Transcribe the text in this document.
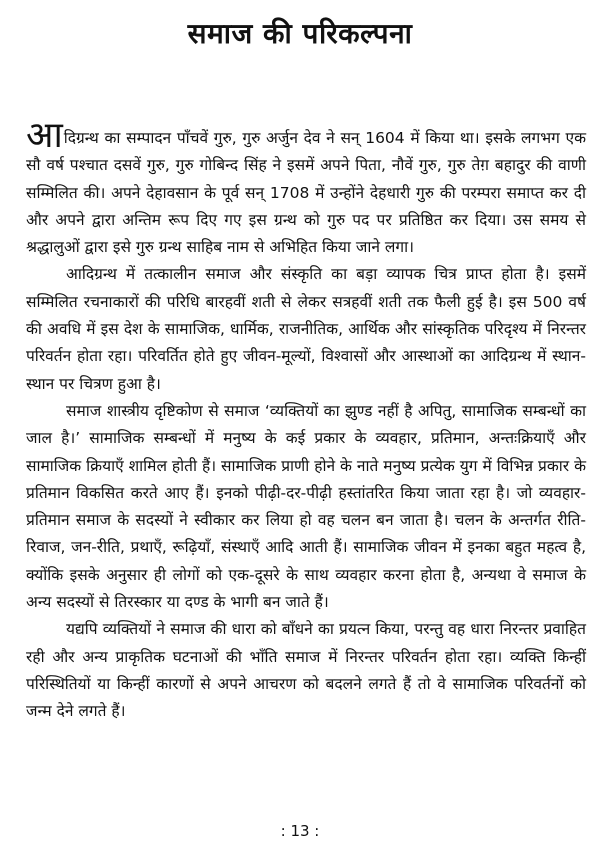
समाज की परिकल्पना

आदिग्रन्थ का सम्पादन पाँचवें गुरु, गुरु अर्जुन देव ने सन् 1604 में किया था। इसके लगभग एक सौ वर्ष पश्चात दसवें गुरु, गुरु गोबिन्द सिंह ने इसमें अपने पिता, नौवें गुरु, गुरु तेग़ बहादुर की वाणी सम्मिलित की। अपने देहावसान के पूर्व सन् 1708 में उन्होंने देहधारी गुरु की परम्परा समाप्त कर दी और अपने द्वारा अन्तिम रूप दिए गए इस ग्रन्थ को गुरु पद पर प्रतिष्ठित कर दिया। उस समय से श्रद्धालुओं द्वारा इसे गुरु ग्रन्थ साहिब नाम से अभिहित किया जाने लगा।

आदिग्रन्थ में तत्कालीन समाज और संस्कृति का बड़ा व्यापक चित्र प्राप्त होता है। इसमें सम्मिलित रचनाकारों की परिधि बारहवीं शती से लेकर सत्रहवीं शती तक फैली हुई है। इस 500 वर्ष की अवधि में इस देश के सामाजिक, धार्मिक, राजनीतिक, आर्थिक और सांस्कृतिक परिदृश्य में निरन्तर परिवर्तन होता रहा। परिवर्तित होते हुए जीवन-मूल्यों, विश्वासों और आस्थाओं का आदिग्रन्थ में स्थान-स्थान पर चित्रण हुआ है।

समाज शास्त्रीय दृष्टिकोण से समाज ‘व्यक्तियों का झुण्ड नहीं है अपितु, सामाजिक सम्बन्धों का जाल है।’ सामाजिक सम्बन्धों में मनुष्य के कई प्रकार के व्यवहार, प्रतिमान, अन्तःक्रियाएँ और सामाजिक क्रियाएँ शामिल होती हैं। सामाजिक प्राणी होने के नाते मनुष्य प्रत्येक युग में विभिन्न प्रकार के प्रतिमान विकसित करते आए हैं। इनको पीढ़ी-दर-पीढ़ी हस्तांतरित किया जाता रहा है। जो व्यवहार-प्रतिमान समाज के सदस्यों ने स्वीकार कर लिया हो वह चलन बन जाता है। चलन के अन्तर्गत रीति-रिवाज, जन-रीति, प्रथाएँ, रूढ़ियाँ, संस्थाएँ आदि आती हैं। सामाजिक जीवन में इनका बहुत महत्व है, क्योंकि इसके अनुसार ही लोगों को एक-दूसरे के साथ व्यवहार करना होता है, अन्यथा वे समाज के अन्य सदस्यों से तिरस्कार या दण्ड के भागी बन जाते हैं।

यद्यपि व्यक्तियों ने समाज की धारा को बाँधने का प्रयत्न किया, परन्तु वह धारा निरन्तर प्रवाहित रही और अन्य प्राकृतिक घटनाओं की भाँति समाज में निरन्तर परिवर्तन होता रहा। व्यक्ति किन्हीं परिस्थितियों या किन्हीं कारणों से अपने आचरण को बदलने लगते हैं तो वे सामाजिक परिवर्तनों को जन्म देने लगते हैं।

: 13 :
